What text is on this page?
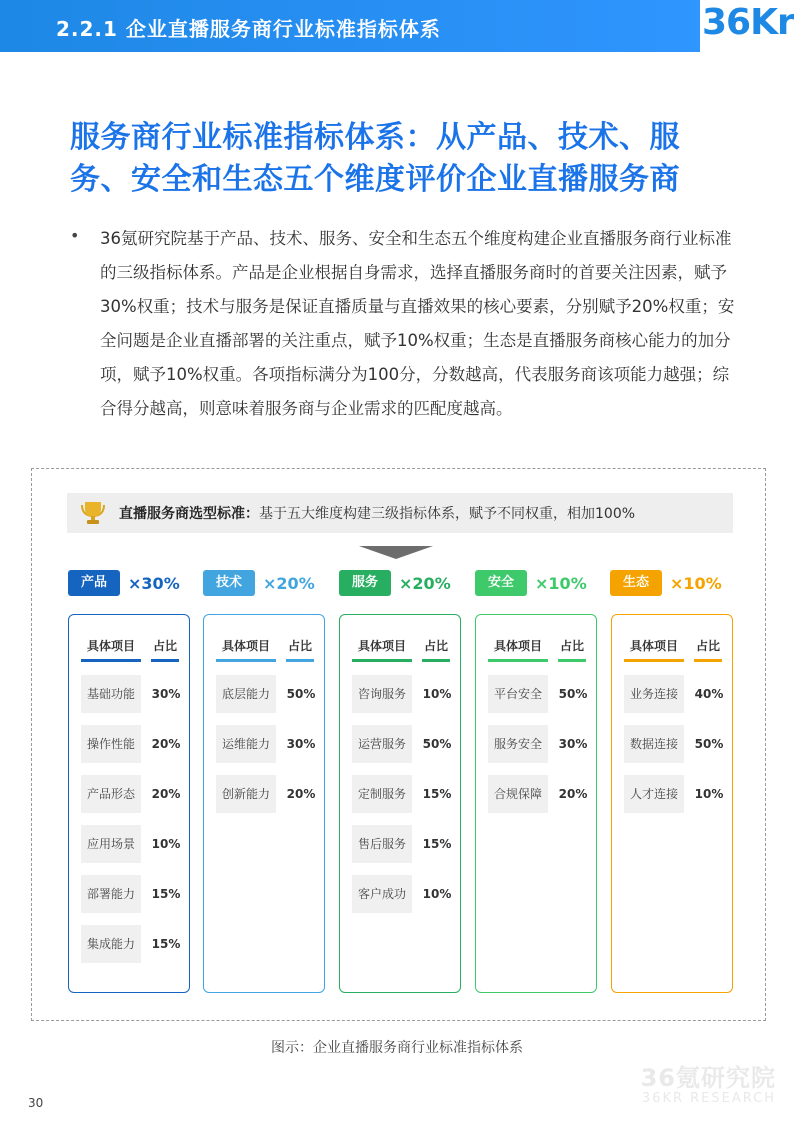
2.2.1 企业直播服务商行业标准指标体系	36Kr
服务商行业标准指标体系：从产品、技术、服务、安全和生态五个维度评价企业直播服务商
• 36氪研究院基于产品、技术、服务、安全和生态五个维度构建企业直播服务商行业标准的三级指标体系。产品是企业根据自身需求，选择直播服务商时的首要关注因素，赋予30%权重；技术与服务是保证直播质量与直播效果的核心要素，分别赋予20%权重；安全问题是企业直播部署的关注重点，赋予10%权重；生态是直播服务商核心能力的加分项，赋予10%权重。各项指标满分为100分，分数越高，代表服务商该项能力越强；综合得分越高，则意味着服务商与企业需求的匹配度越高。
直播服务商选型标准：基于五大维度构建三级指标体系，赋予不同权重，相加100%
产品	×30%
具体项目	占比
基础功能	30%
操作性能	20%
产品形态	20%
应用场景	10%
部署能力	15%
集成能力	15%
技术	×20%
具体项目	占比
底层能力	50%
运维能力	30%
创新能力	20%
服务	×20%
具体项目	占比
咨询服务	10%
运营服务	50%
定制服务	15%
售后服务	15%
客户成功	10%
安全	×10%
具体项目	占比
平台安全	50%
服务安全	30%
合规保障	20%
生态	×10%
具体项目	占比
业务连接	40%
数据连接	50%
人才连接	10%
图示：企业直播服务商行业标准指标体系
36氪研究院
36KR RESEARCH
30
